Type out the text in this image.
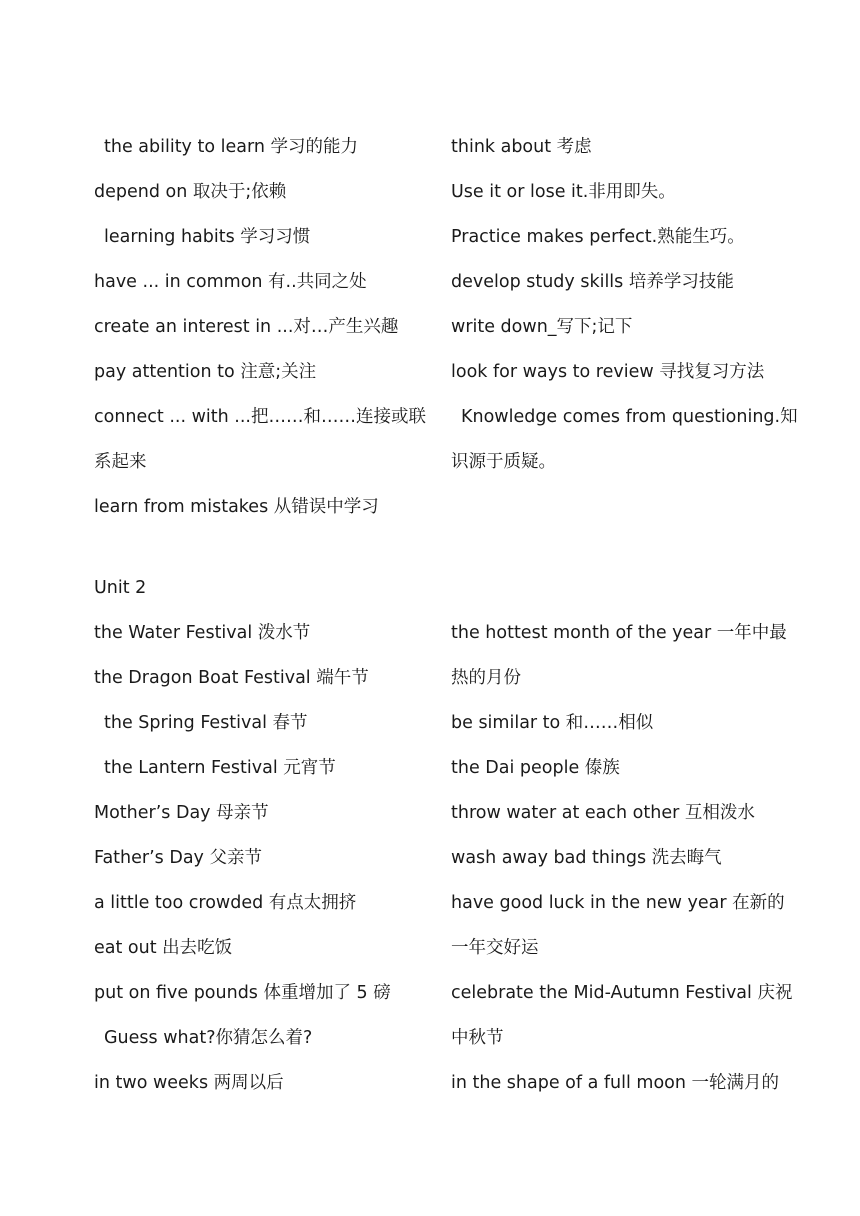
the ability to learn 学习的能力
depend on 取决于;依赖
learning habits 学习习惯
have ... in common 有..共同之处
create an interest in ...对…产生兴趣
pay attention to 注意;关注
connect ... with ...把……和……连接或联
系起来
learn from mistakes 从错误中学习
think about 考虑
Use it or lose it.非用即失。
Practice makes perfect.熟能生巧。
develop study skills 培养学习技能
write down_写下;记下
look for ways to review 寻找复习方法
Knowledge comes from questioning.知
识源于质疑。
Unit 2
the Water Festival 泼水节
the Dragon Boat Festival 端午节
the Spring Festival 春节
the Lantern Festival 元宵节
Mother’s Day 母亲节
Father’s Day 父亲节
a little too crowded 有点太拥挤
eat out 出去吃饭
put on five pounds 体重增加了 5 磅
Guess what?你猜怎么着?
in two weeks 两周以后
the hottest month of the year 一年中最
热的月份
be similar to 和……相似
the Dai people 傣族
throw water at each other 互相泼水
wash away bad things 洗去晦气
have good luck in the new year 在新的
一年交好运
celebrate the Mid-Autumn Festival 庆祝
中秋节
in the shape of a full moon 一轮满月的
